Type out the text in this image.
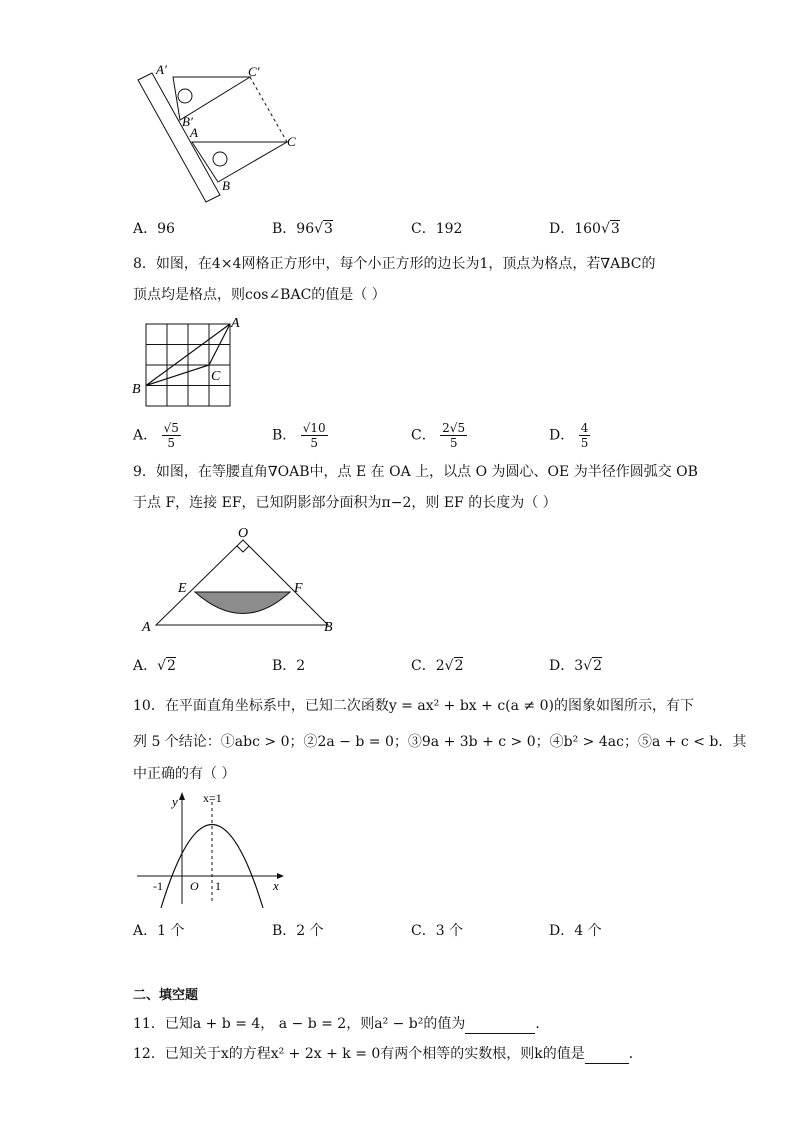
A′	C′
B′
A
C
B
A．96	B．96√3	C．192	D．160√3
8．如图，在4×4网格正方形中，每个小正方形的边长为1，顶点为格点，若∇ABC的
顶点均是格点，则cos∠BAC的值是（ ）
A
B
C
A． $\frac{√5}{5}$	B． $\frac{√10}{5}$	C． $\frac{2√5}{5}$	D． $\frac{4}{5}$
9．如图，在等腰直角∇OAB中，点 E 在 OA 上，以点 O 为圆心、OE 为半径作圆弧交 OB
于点 F，连接 EF，已知阴影部分面积为π−2，则 EF 的长度为（ ）
O
E	F
A	B
A．√2	B．2	C．2√2	D．3√2
10．在平面直角坐标系中，已知二次函数y = ax² + bx + c(a ≠ 0)的图象如图所示，有下
列 5 个结论：①abc > 0；②2a − b = 0；③9a + 3b + c > 0；④b² > 4ac；⑤a + c < b．其
中正确的有（ ）
y
x
x=1
-1 O 1
A．1 个	B．2 个	C．3 个	D．4 个
二、填空题
11．已知a + b = 4， a − b = 2，则a² − b²的值为	．
12．已知关于x的方程x² + 2x + k = 0有两个相等的实数根，则k的值是	．
